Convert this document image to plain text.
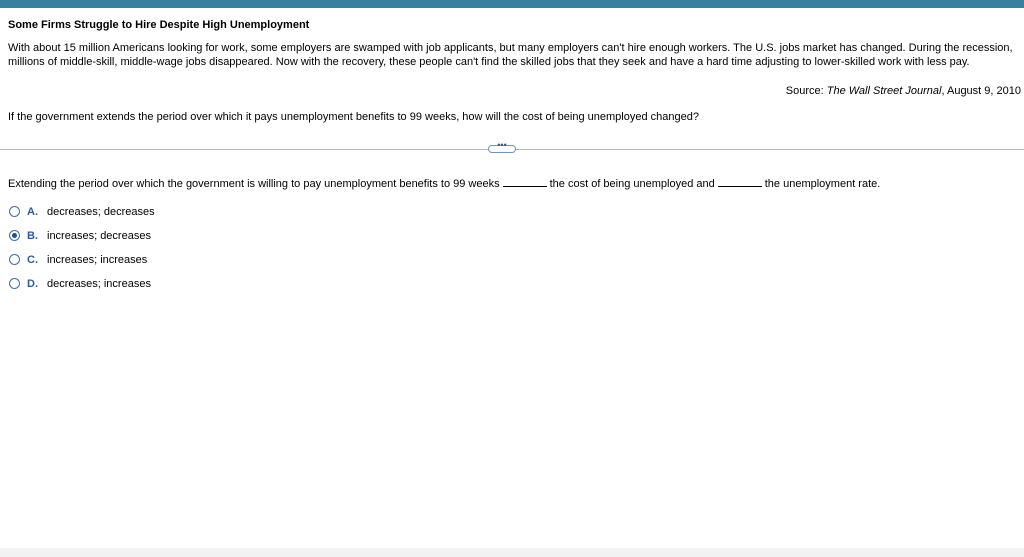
Some Firms Struggle to Hire Despite High Unemployment
With about 15 million Americans looking for work, some employers are swamped with job applicants, but many employers can't hire enough workers. The U.S. jobs market has changed. During the recession, millions of middle-skill, middle-wage jobs disappeared. Now with the recovery, these people can't find the skilled jobs that they seek and have a hard time adjusting to lower-skilled work with less pay.
Source: The Wall Street Journal, August 9, 2010
If the government extends the period over which it pays unemployment benefits to 99 weeks, how will the cost of being unemployed changed?
•••
Extending the period over which the government is willing to pay unemployment benefits to 99 weeks	the cost of being unemployed and	the unemployment rate.
A. decreases; decreases
B. increases; decreases
C. increases; increases
D. decreases; increases
